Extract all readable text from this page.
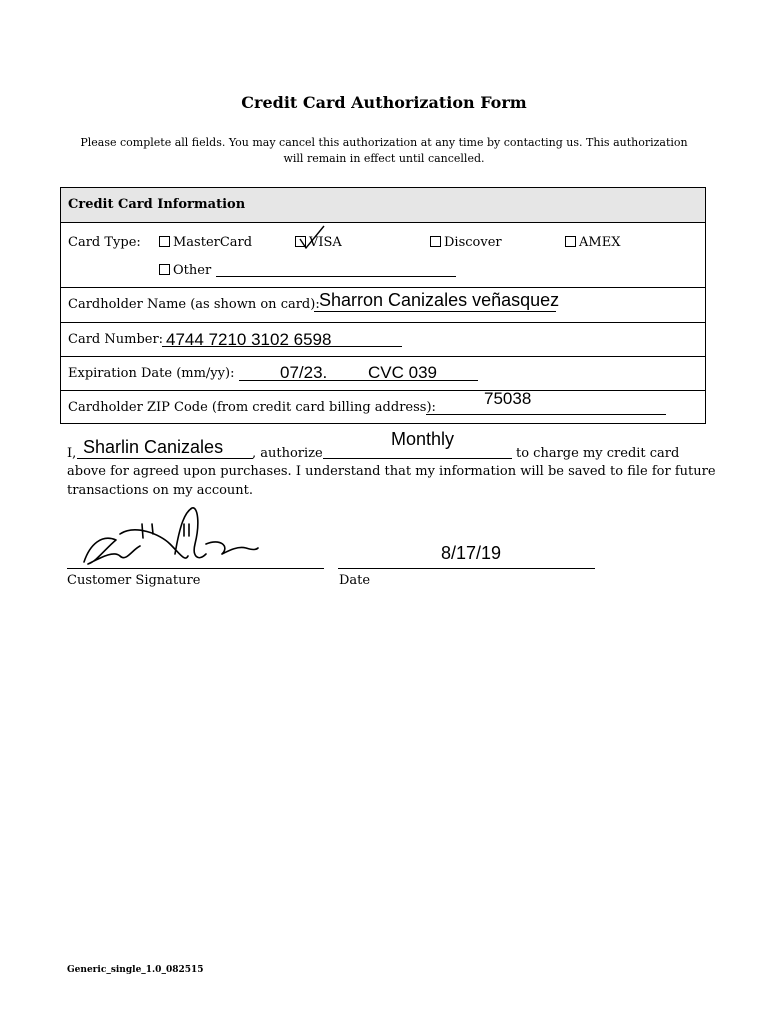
Credit Card Authorization Form
Please complete all fields. You may cancel this authorization at any time by contacting us. This authorization will remain in effect until cancelled.
Credit Card Information
Card Type:	MasterCard	VISA	Discover	AMEX
Other
Cardholder Name (as shown on card): Sharron Canizales veñasquez
Card Number: 4744 7210 3102 6598
Expiration Date (mm/yy):	07/23. CVC 039
Cardholder ZIP Code (from credit card billing address):	75038
I, Sharlin Canizales , authorize
Monthly
to charge my credit card
above for agreed upon purchases. I understand that my information will be saved to file for future
transactions on my account.
Customer Signature
8/17/19
Date
Generic_single_1.0_082515
